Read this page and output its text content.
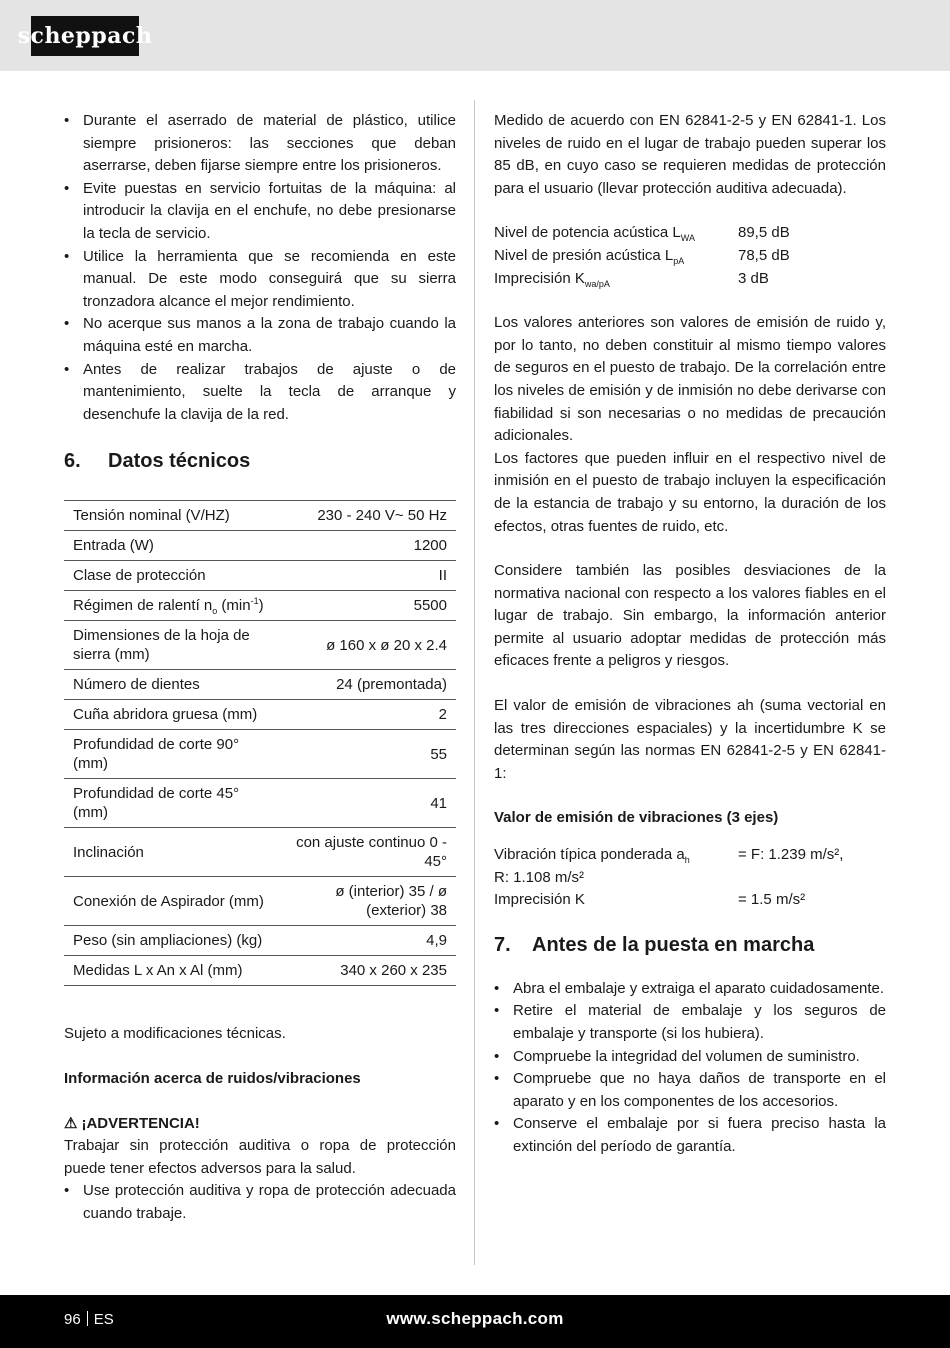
scheppach
• Durante el aserrado de material de plástico, utilice siempre prisioneros: las secciones que deban aserrarse, deben fijarse siempre entre los prisioneros.
• Evite puestas en servicio fortuitas de la máquina: al introducir la clavija en el enchufe, no debe presionarse la tecla de servicio.
• Utilice la herramienta que se recomienda en este manual. De este modo conseguirá que su sierra tronzadora alcance el mejor rendimiento.
• No acerque sus manos a la zona de trabajo cuando la máquina esté en marcha.
• Antes de realizar trabajos de ajuste o de mantenimiento, suelte la tecla de arranque y desenchufe la clavija de la red.
6.	Datos técnicos
Tensión nominal (V/HZ)	230 - 240 V~ 50 Hz
Entrada (W)	1200
Clase de protección	II
Régimen de ralentí $n_o$ $(\min^{-1})$	5500
Dimensiones de la hoja de sierra (mm)	ø 160 x ø 20 x 2.4
Número de dientes	24 (premontada)
Cuña abridora gruesa (mm)	2
Profundidad de corte 90° (mm)	55
Profundidad de corte 45° (mm)	41
Inclinación	con ajuste continuo 0 - 45°
Conexión de Aspirador (mm)	ø (interior) 35 / ø (exterior) 38
Peso (sin ampliaciones) (kg)	4,9
Medidas L x An x Al (mm)	340 x 260 x 235

Sujeto a modificaciones técnicas.

Información acerca de ruidos/vibraciones

⚠ ¡ADVERTENCIA!

Trabajar sin protección auditiva o ropa de protección puede tener efectos adversos para la salud.

• Use protección auditiva y ropa de protección adecuada cuando trabaje.

Medido de acuerdo con EN 62841-2-5 y EN 62841-1. Los niveles de ruido en el lugar de trabajo pueden superar los 85 dB, en cuyo caso se requieren medidas de protección para el usuario (llevar protección auditiva adecuada).

Nivel de potencia acústica $L_{WA}$	89,5 dB
Nivel de presión acústica $L_{pA}$	78,5 dB
Imprecisión $K_{wa/pA}$	3 dB

Los valores anteriores son valores de emisión de ruido y, por lo tanto, no deben constituir al mismo tiempo valores de seguros en el puesto de trabajo. De la correlación entre los niveles de emisión y de inmisión no debe derivarse con fiabilidad si son necesarias o no medidas de precaución adicionales.

Los factores que pueden influir en el respectivo nivel de inmisión en el puesto de trabajo incluyen la especificación de la estancia de trabajo y su entorno, la duración de los efectos, otras fuentes de ruido, etc.

Considere también las posibles desviaciones de la normativa nacional con respecto a los valores fiables en el lugar de trabajo. Sin embargo, la información anterior permite al usuario adoptar medidas de protección más eficaces frente a peligros y riesgos.

El valor de emisión de vibraciones ah (suma vectorial en las tres direcciones espaciales) y la incertidumbre K se determinan según las normas EN 62841-2-5 y EN 62841-1:

Valor de emisión de vibraciones (3 ejes)

Vibración típica ponderada $a_h$	= F: 1.239 m/s²,
R: 1.108 m/s²
Imprecisión K	= 1.5 m/s²
7.	Antes de la puesta en marcha
• Abra el embalaje y extraiga el aparato cuidadosamente.
• Retire el material de embalaje y los seguros de embalaje y transporte (si los hubiera).
• Compruebe la integridad del volumen de suministro.
• Compruebe que no haya daños de transporte en el aparato y en los componentes de los accesorios.
• Conserve el embalaje por si fuera preciso hasta la extinción del período de garantía.
96 ES	www.scheppach.com
